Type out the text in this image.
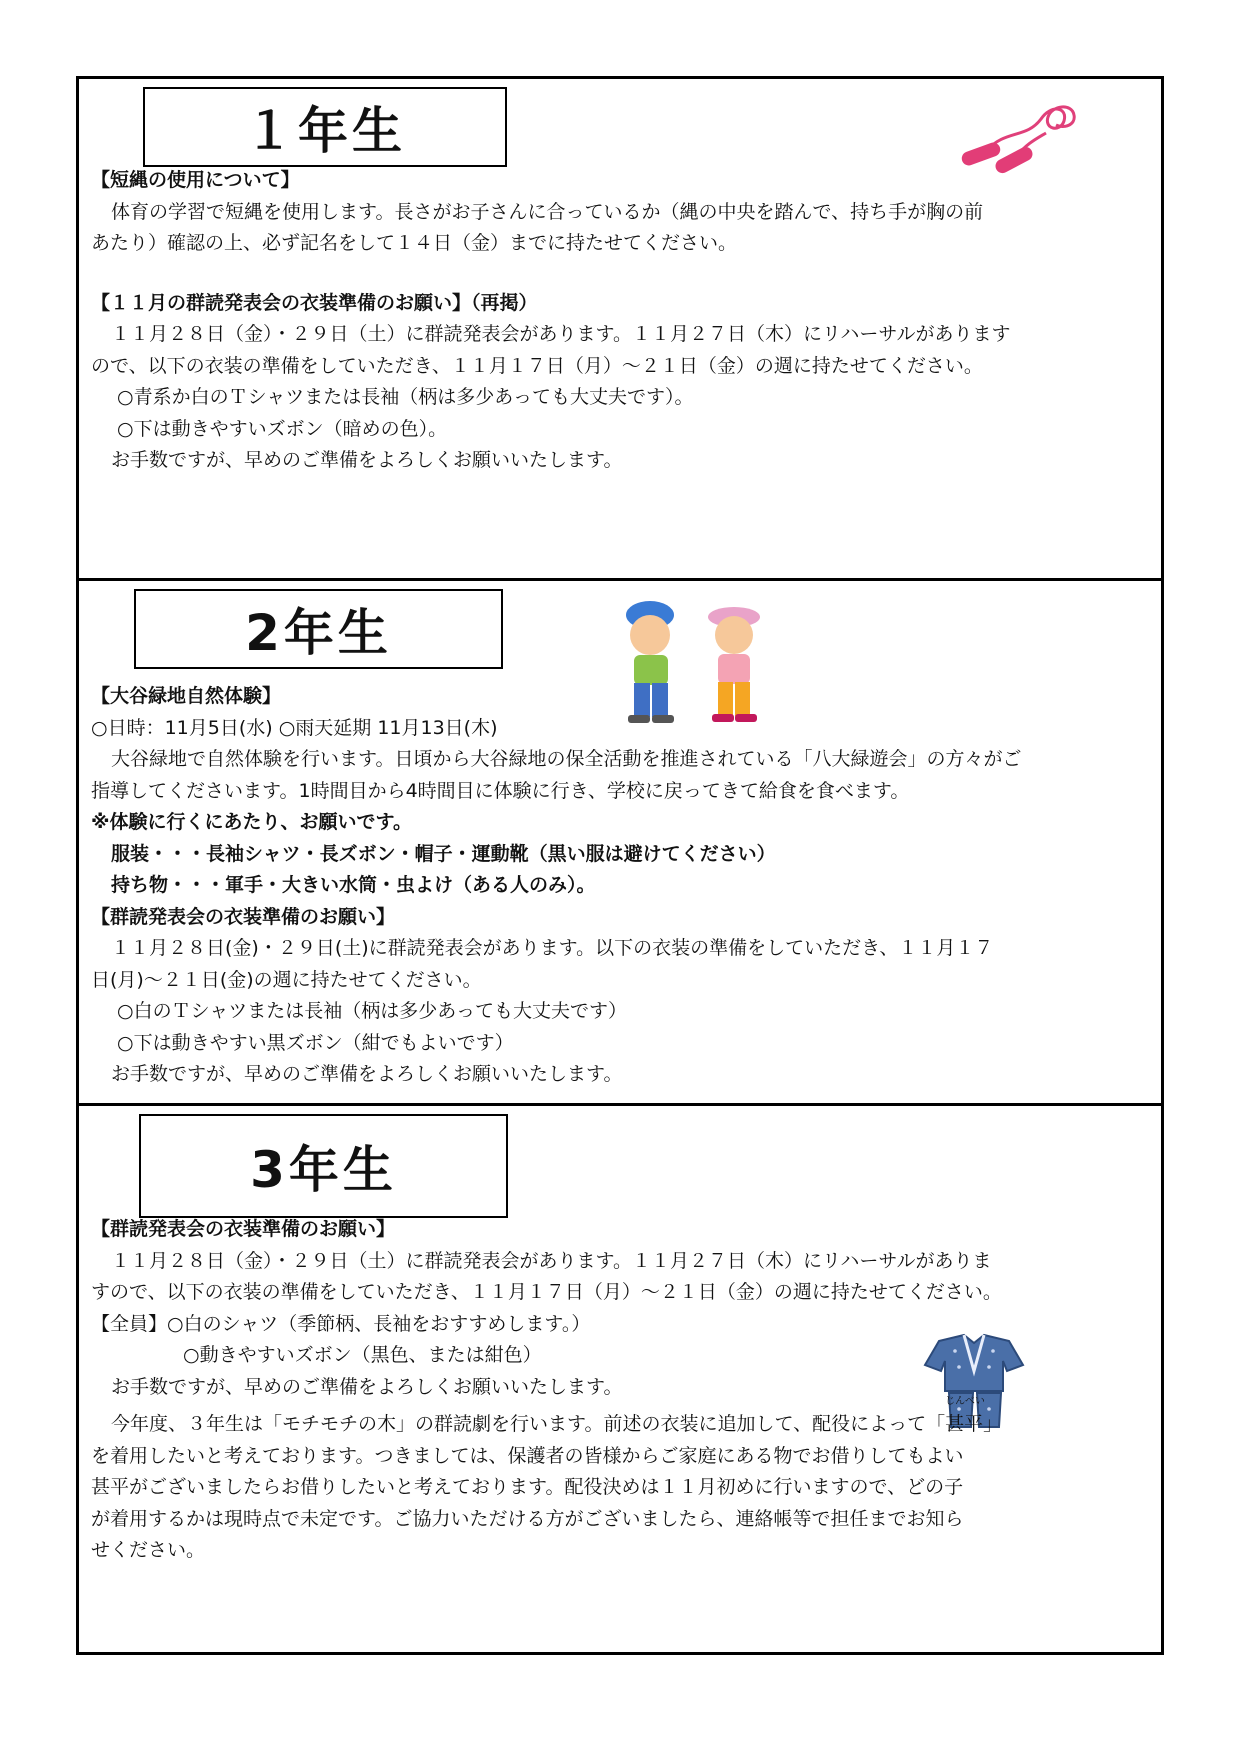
１年生

【短縄の使用について】

体育の学習で短縄を使用します。長さがお子さんに合っているか（縄の中央を踏んで、持ち手が胸の前

あたり）確認の上、必ず記名をして１４日（金）までに持たせてください。

【１１月の群読発表会の衣装準備のお願い】（再掲）

１１月２８日（金）・２９日（土）に群読発表会があります。１１月２７日（木）にリハーサルがあります

ので、以下の衣装の準備をしていただき、１１月１７日（月）～２１日（金）の週に持たせてください。

○青系か白のＴシャツまたは長袖（柄は多少あっても大丈夫です）。

○下は動きやすいズボン（暗めの色）。

お手数ですが、早めのご準備をよろしくお願いいたします。

2年生

【大谷緑地自然体験】

○日時：11月5日(水) ○雨天延期 11月13日(木)

大谷緑地で自然体験を行います。日頃から大谷緑地の保全活動を推進されている「八大緑遊会」の方々がご

指導してくださいます。1時間目から4時間目に体験に行き、学校に戻ってきて給食を食べます。

※体験に行くにあたり、お願いです。

服装・・・長袖シャツ・長ズボン・帽子・運動靴（黒い服は避けてください）

持ち物・・・軍手・大きい水筒・虫よけ（ある人のみ）。

【群読発表会の衣装準備のお願い】

１１月２８日(金)・２９日(土)に群読発表会があります。以下の衣装の準備をしていただき、１１月１７

日(月)～２１日(金)の週に持たせてください。

○白のＴシャツまたは長袖（柄は多少あっても大丈夫です）

○下は動きやすい黒ズボン（紺でもよいです）

お手数ですが、早めのご準備をよろしくお願いいたします。

3年生

【群読発表会の衣装準備のお願い】

１１月２８日（金）・２９日（土）に群読発表会があります。１１月２７日（木）にリハーサルがありま

すので、以下の衣装の準備をしていただき、１１月１７日（月）～２１日（金）の週に持たせてください。

【全員】○白のシャツ（季節柄、長袖をおすすめします。）

○動きやすいズボン（黒色、または紺色）

お手数ですが、早めのご準備をよろしくお願いいたします。

今年度、３年生は「モチモチの木」の群読劇を行います。前述の衣装に追加して、配役によって「
じんべい
甚平」

を着用したいと考えております。つきましては、保護者の皆様からご家庭にある物でお借りしてもよい

甚平がございましたらお借りしたいと考えております。配役決めは１１月初めに行いますので、どの子

が着用するかは現時点で未定です。ご協力いただける方がございましたら、連絡帳等で担任までお知ら

せください。
